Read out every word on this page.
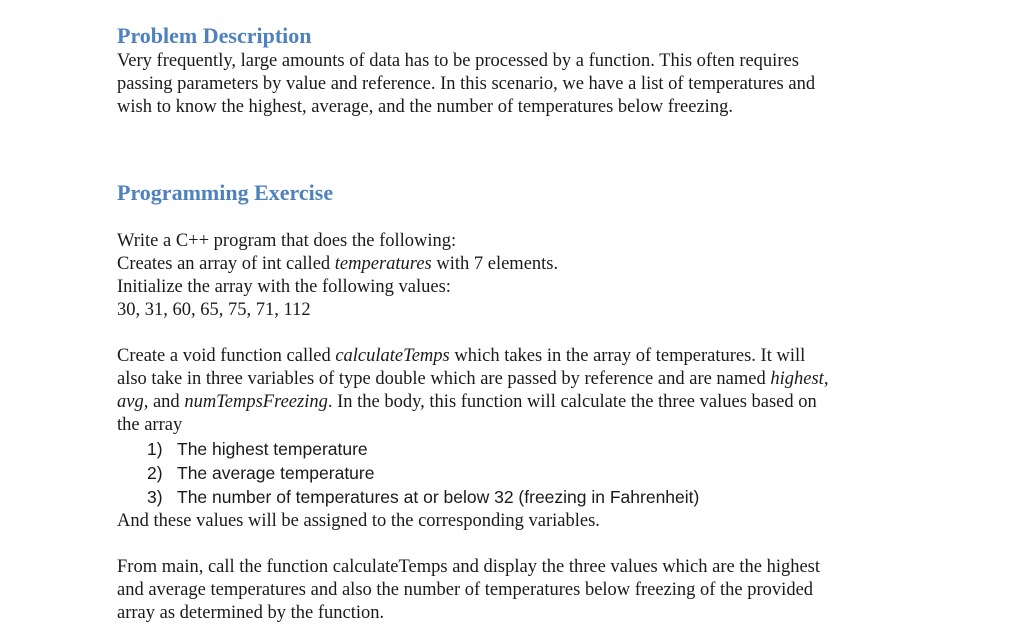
Problem Description

Very frequently, large amounts of data has to be processed by a function. This often requires
passing parameters by value and reference. In this scenario, we have a list of temperatures and
wish to know the highest, average, and the number of temperatures below freezing.

Programming Exercise

Write a C++ program that does the following:
Creates an array of int called temperatures with 7 elements.
Initialize the array with the following values:
30, 31, 60, 65, 75, 71, 112

Create a void function called calculateTemps which takes in the array of temperatures. It will
also take in three variables of type double which are passed by reference and are named highest,
avg, and numTempsFreezing. In the body, this function will calculate the three values based on
the array

1) The highest temperature
2) The average temperature
3) The number of temperatures at or below 32 (freezing in Fahrenheit)

And these values will be assigned to the corresponding variables.

From main, call the function calculateTemps and display the three values which are the highest
and average temperatures and also the number of temperatures below freezing of the provided
array as determined by the function.
